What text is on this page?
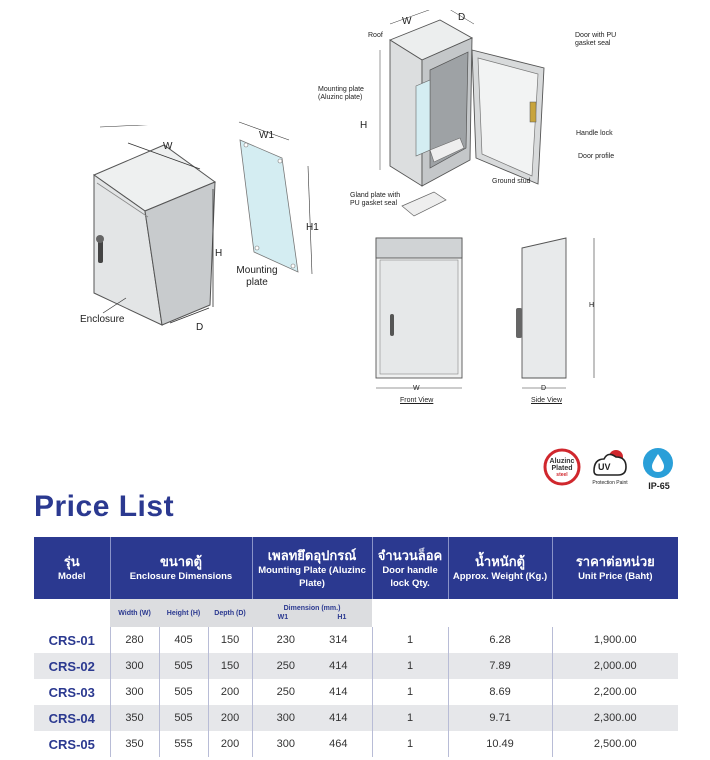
W
H
D
Enclosure
W1
H1
Mounting plate
W	D
H
Roof
Mounting plate (Aluzinc plate)
Door with PU gasket seal
Handle lock
Door profile
Ground stud
Gland plate with PU gasket seal
W
Front View
D
H
Side View
Aluzinc
Plated
steel
UV
Protection Paint	IP-65
Price List
รุ่น
Model	ขนาดตู้
Enclosure Dimensions			เพลทยึดอุปกรณ์
Mounting Plate (Aluzinc Plate)	จำนวนล็อค
Door handle lock Qty.	น้ำหนักตู้
Approx. Weight (Kg.)	ราคาต่อหน่วย
Unit Price (Baht)
	Width (W)	Height (H)	Depth (D)	Dimension (mm.)
W1 H1			

CRS-01	280	405	150	230 314	1	6.28	1,900.00
CRS-02	300	505	150	250 414	1	7.89	2,000.00
CRS-03	300	505	200	250 414	1	8.69	2,200.00
CRS-04	350	505	200	300 414	1	9.71	2,300.00
CRS-05	350	555	200	300 464	1	10.49	2,500.00
